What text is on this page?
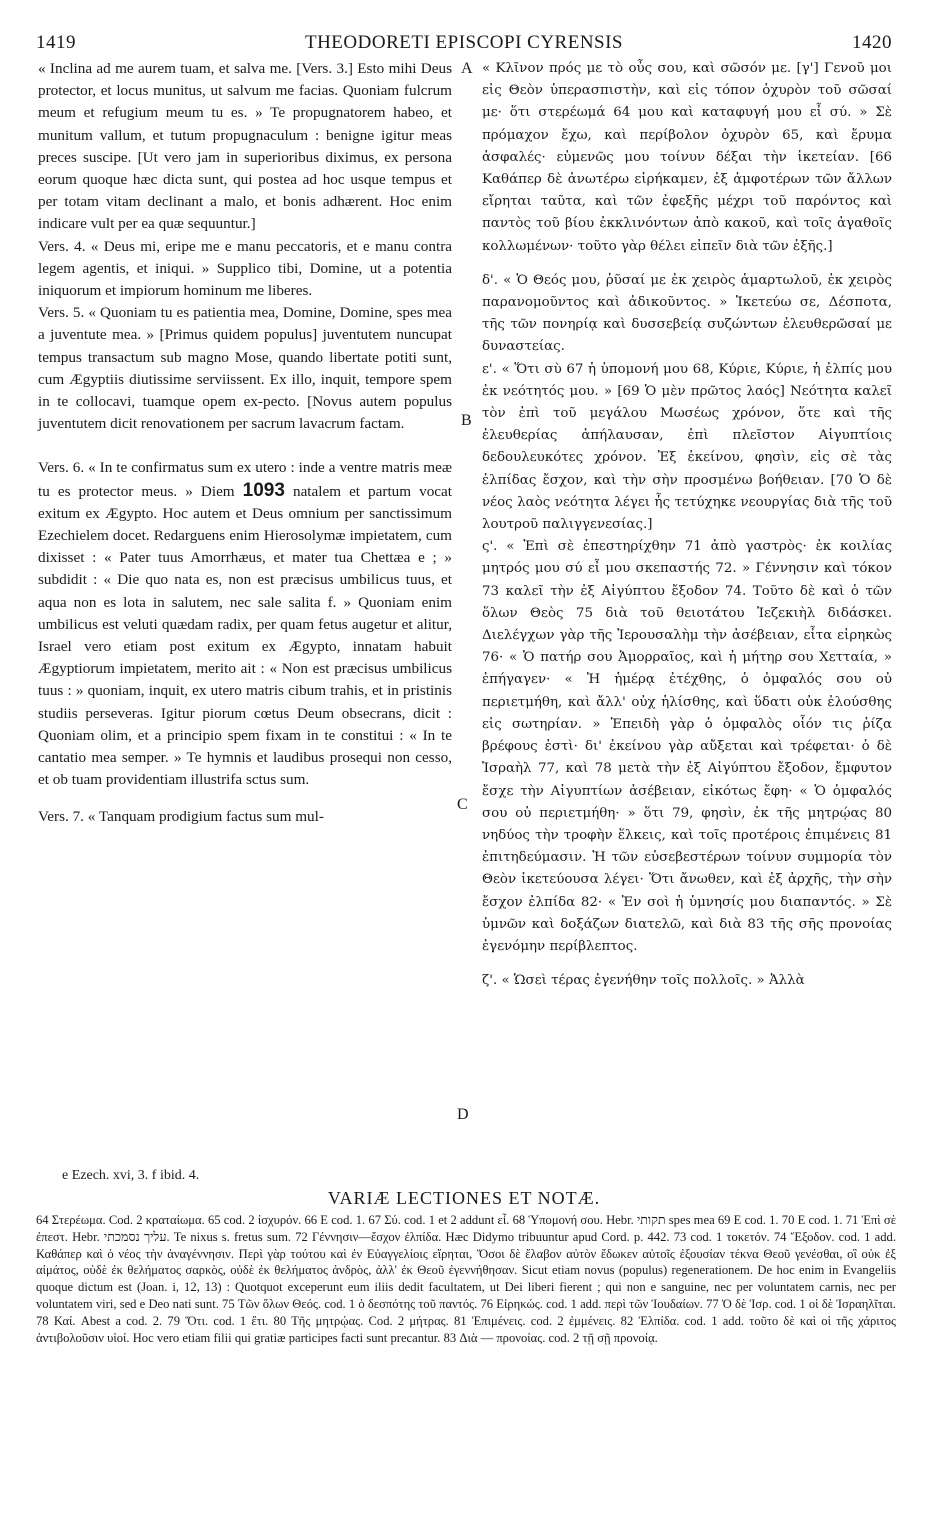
1419	THEODORETI EPISCOPI CYRENSIS	1420
A
B
C
D

« Inclina ad me aurem tuam, et salva me. [Vers. 3.] Esto mihi Deus protector, et locus munitus, ut salvum me facias. Quoniam fulcrum meum et refugium meum tu es. » Te propugnatorem habeo, et munitum vallum, et tutum propugnaculum : benigne igitur meas preces suscipe. [Ut vero jam in superioribus diximus, ex persona eorum quoque hæc dicta sunt, qui postea ad hoc usque tempus et per totam vitam declinant a malo, et bonis adhærent. Hoc enim indicare vult per ea quæ sequuntur.]

Vers. 4. « Deus mi, eripe me e manu peccatoris, et e manu contra legem agentis, et iniqui. » Supplico tibi, Domine, ut a potentia iniquorum et impiorum hominum me liberes.

Vers. 5. « Quoniam tu es patientia mea, Domine, Domine, spes mea a juventute mea. » [Primus quidem populus] juventutem nuncupat tempus transactum sub magno Mose, quando libertate potiti sunt, cum Ægyptiis diutissime serviissent. Ex illo, inquit, tempore spem in te collocavi, tuamque opem ex-pecto. [Novus autem populus juventutem dicit renovationem per sacrum lavacrum factam.

Vers. 6. « In te confirmatus sum ex utero : inde a ventre matris meæ tu es protector meus. » Diem 1093 natalem et partum vocat exitum ex Ægypto. Hoc autem et Deus omnium per sanctissimum Ezechielem docet. Redarguens enim Hierosolymæ impietatem, cum dixisset : « Pater tuus Amorrhæus, et mater tua Chettæa e ; » subdidit : « Die quo nata es, non est præcisus umbilicus tuus, et aqua non es lota in salutem, nec sale salita f. » Quoniam enim umbilicus est veluti quædam radix, per quam fetus augetur et alitur, Israel vero etiam post exitum ex Ægypto, innatam habuit Ægyptiorum impietatem, merito ait : « Non est præcisus umbilicus tuus : » quoniam, inquit, ex utero matris cibum trahis, et in pristinis studiis perseveras. Igitur piorum cœtus Deum obsecrans, dicit : Quoniam olim, et a principio spem fixam in te constitui : « In te cantatio mea semper. » Te hymnis et laudibus prosequi non cesso, et ob tuam providentiam illustrifa sctus sum.

Vers. 7. « Tanquam prodigium factus sum mul-

« Κλῖνον πρός με τὸ οὖς σου, καὶ σῶσόν με. [γ'] Γενοῦ μοι εἰς Θεὸν ὑπερασπιστὴν, καὶ εἰς τόπον ὀχυρὸν τοῦ σῶσαί με· ὅτι στερέωμά 64 μου καὶ καταφυγή μου εἶ σύ. » Σὲ πρόμαχον ἔχω, καὶ περίβολον ὀχυρὸν 65, καὶ ἔρυμα ἀσφαλές· εὐμενῶς μου τοίνυν δέξαι τὴν ἱκετείαν. [66 Καθάπερ δὲ ἀνωτέρω εἰρήκαμεν, ἐξ ἀμφοτέρων τῶν ἄλλων εἴρηται ταῦτα, καὶ τῶν ἐφεξῆς μέχρι τοῦ παρόντος καὶ παντὸς τοῦ βίου ἐκκλινόντων ἀπὸ κακοῦ, καὶ τοῖς ἀγαθοῖς κολλωμένων· τοῦτο γὰρ θέλει εἰπεῖν διὰ τῶν ἑξῆς.]

δ'. « Ὁ Θεός μου, ῥῦσαί με ἐκ χειρὸς ἁμαρτωλοῦ, ἐκ χειρὸς παρανομοῦντος καὶ ἀδικοῦντος. » Ἱκετεύω σε, Δέσποτα, τῆς τῶν πονηρίᾳ καὶ δυσσεβείᾳ συζώντων ἐλευθερῶσαί με δυναστείας.

ε'. « Ὅτι σὺ 67 ἡ ὑπομονή μου 68, Κύριε, Κύριε, ἡ ἐλπίς μου ἐκ νεότητός μου. » [69 Ὁ μὲν πρῶτος λαός] Νεότητα καλεῖ τὸν ἐπὶ τοῦ μεγάλου Μωσέως χρόνον, ὅτε καὶ τῆς ἐλευθερίας ἀπήλαυσαν, ἐπὶ πλεῖστον Αἰγυπτίοις δεδουλευκότες χρόνον. Ἐξ ἐκείνου, φησὶν, εἰς σὲ τὰς ἐλπίδας ἔσχον, καὶ τὴν σὴν προσμένω βοήθειαν. [70 Ὁ δὲ νέος λαὸς νεότητα λέγει ἧς τετύχηκε νεουργίας διὰ τῆς τοῦ λουτροῦ παλιγγενεσίας.]

ς'. « Ἐπὶ σὲ ἐπεστηρίχθην 71 ἀπὸ γαστρὸς· ἐκ κοιλίας μητρός μου σύ εἶ μου σκεπαστής 72. » Γέννησιν καὶ τόκον 73 καλεῖ τὴν ἐξ Αἰγύπτου ἔξοδον 74. Τοῦτο δὲ καὶ ὁ τῶν ὅλων Θεὸς 75 διὰ τοῦ θειοτάτου Ἰεζεκιὴλ διδάσκει. Διελέγχων γὰρ τῆς Ἱερουσαλὴμ τὴν ἀσέβειαν, εἶτα εἰρηκὼς 76· « Ὁ πατήρ σου Ἀμορραῖος, καὶ ἡ μήτηρ σου Χετταία, » ἐπήγαγεν· « Ἡ ἡμέρᾳ ἐτέχθης, ὁ ὀμφαλός σου οὐ περιετμήθη, καὶ ἄλλ' οὐχ ἡλίσθης, καὶ ὕδατι οὐκ ἐλούσθης εἰς σωτηρίαν. » Ἐπειδὴ γὰρ ὁ ὀμφαλὸς οἷόν τις ῥίζα βρέφους ἐστὶ· δι' ἐκείνου γὰρ αὔξεται καὶ τρέφεται· ὁ δὲ Ἰσραὴλ 77, καὶ 78 μετὰ τὴν ἐξ Αἰγύπτου ἔξοδον, ἔμφυτον ἔσχε τὴν Αἰγυπτίων ἀσέβειαν, εἰκότως ἔφη· « Ὁ ὀμφαλός σου οὐ περιετμήθη· » ὅτι 79, φησὶν, ἐκ τῆς μητρῴας 80 νηδύος τὴν τροφὴν ἕλκεις, καὶ τοῖς προτέροις ἐπιμένεις 81 ἐπιτηδεύμασιν. Ἡ τῶν εὐσεβεστέρων τοίνυν συμμορία τὸν Θεὸν ἱκετεύουσα λέγει· Ὅτι ἄνωθεν, καὶ ἐξ ἀρχῆς, τὴν σὴν ἔσχον ἐλπίδα 82· « Ἐν σοὶ ἡ ὑμνησίς μου διαπαντός. » Σὲ ὑμνῶν καὶ δοξάζων διατελῶ, καὶ διὰ 83 τῆς σῆς προνοίας ἐγενόμην περίβλεπτος.

ζ'. « Ὡσεὶ τέρας ἐγενήθην τοῖς πολλοῖς. » Ἀλλὰ

e Ezech. xvi, 3. f ibid. 4.
VARIÆ LECTIONES ET NOTÆ.
64 Στερέωμα. Cod. 2 κραταίωμα. 65 cod. 2 ἰσχυρόν. 66 E cod. 1. 67 Σύ. cod. 1 et 2 addunt εἶ. 68 Ὑπομονή σου. Hebr. תקותי spes mea 69 E cod. 1. 70 E cod. 1. 71 Ἐπὶ σὲ ἐπεστ. Hebr. עליך נסמכתי. Te nixus s. fretus sum. 72 Γέννησιν—ἔσχον ἐλπίδα. Hæc Didymo tribuuntur apud Cord. p. 442. 73 cod. 1 τοκετόν. 74 Ἔξοδον. cod. 1 add. Καθάπερ καὶ ὁ νέος τὴν ἀναγέννησιν. Περὶ γὰρ τούτου καὶ ἐν Εὐαγγελίοις εἴρηται, Ὅσοι δὲ ἔλαβον αὐτὸν ἔδωκεν αὐτοῖς ἐξουσίαν τέκνα Θεοῦ γενέσθαι, οἳ οὐκ ἐξ αἱμάτος, οὐδὲ ἐκ θελήματος σαρκὸς, οὐδὲ ἐκ θελήματος ἀνδρὸς, ἀλλ' ἐκ Θεοῦ ἐγεννήθησαν. Sicut etiam novus (populus) regenerationem. De hoc enim in Evangeliis quoque dictum est (Joan. i, 12, 13) : Quotquot exceperunt eum iliis dedit facultatem, ut Dei liberi fierent ; qui non e sanguine, nec per voluntatem carnis, nec per voluntatem viri, sed e Deo nati sunt. 75 Τῶν ὅλων Θεός. cod. 1 ὁ δεσπότης τοῦ παντός. 76 Εἰρηκώς. cod. 1 add. περὶ τῶν Ἰουδαίων. 77 Ὁ δὲ Ἰσρ. cod. 1 οἱ δὲ Ἰσραηλῖται. 78 Καί. Abest a cod. 2. 79 Ὅτι. cod. 1 ἔτι. 80 Τῆς μητρῴας. Cod. 2 μήτρας. 81 Ἐπιμένεις. cod. 2 ἐμμένεις. 82 Ἐλπίδα. cod. 1 add. τοῦτο δὲ καὶ οἱ τῆς χάριτος ἀντιβολοῦσιν υἱοί. Hoc vero etiam filii qui gratiæ participes facti sunt precantur. 83 Διὰ — προνοίας. cod. 2 τῇ σῇ προνοίᾳ.
